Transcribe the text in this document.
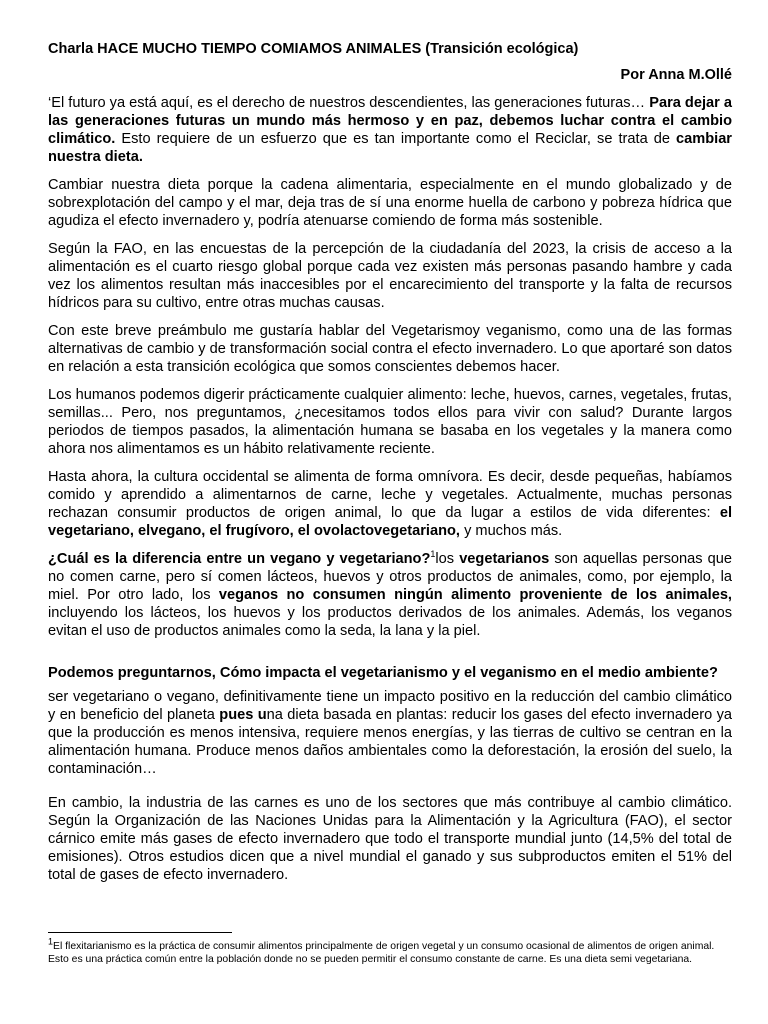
Charla HACE MUCHO TIEMPO COMIAMOS ANIMALES (Transición ecológica)
Por Anna M.Ollé

‘El futuro ya está aquí, es el derecho de nuestros descendientes, las generaciones futuras… Para dejar a las generaciones futuras un mundo más hermoso y en paz, debemos luchar contra el cambio climático. Esto requiere de un esfuerzo que es tan importante como el Reciclar, se trata de cambiar nuestra dieta.

Cambiar nuestra dieta porque la cadena alimentaria, especialmente en el mundo globalizado y de sobrexplotación del campo y el mar, deja tras de sí una enorme huella de carbono y pobreza hídrica que agudiza el efecto invernadero y, podría atenuarse comiendo de forma más sostenible.

Según la FAO, en las encuestas de la percepción de la ciudadanía del 2023, la crisis de acceso a la alimentación es el cuarto riesgo global porque cada vez existen más personas pasando hambre y cada vez los alimentos resultan más inaccesibles por el encarecimiento del transporte y la falta de recursos hídricos para su cultivo, entre otras muchas causas.

Con este breve preámbulo me gustaría hablar del Vegetarismoy veganismo, como una de las formas alternativas de cambio y de transformación social contra el efecto invernadero. Lo que aportaré son datos en relación a esta transición ecológica que somos conscientes debemos hacer.

Los humanos podemos digerir prácticamente cualquier alimento: leche, huevos, carnes, vegetales, frutas, semillas... Pero, nos preguntamos, ¿necesitamos todos ellos para vivir con salud? Durante largos periodos de tiempos pasados, la alimentación humana se basaba en los vegetales y la manera como ahora nos alimentamos es un hábito relativamente reciente.

Hasta ahora, la cultura occidental se alimenta de forma omnívora. Es decir, desde pequeñas, habíamos comido y aprendido a alimentarnos de carne, leche y vegetales. Actualmente, muchas personas rechazan consumir productos de origen animal, lo que da lugar a estilos de vida diferentes: el vegetariano, elvegano, el frugívoro, el ovolactovegetariano, y muchos más.

¿Cuál es la diferencia entre un vegano y vegetariano?$^1$los vegetarianos son aquellas personas que no comen carne, pero sí comen lácteos, huevos y otros productos de animales, como, por ejemplo, la miel. Por otro lado, los veganos no consumen ningún alimento proveniente de los animales, incluyendo los lácteos, los huevos y los productos derivados de los animales. Además, los veganos evitan el uso de productos animales como la seda, la lana y la piel.

Podemos preguntarnos, Cómo impacta el vegetarianismo y el veganismo en el medio ambiente?

ser vegetariano o vegano, definitivamente tiene un impacto positivo en la reducción del cambio climático y en beneficio del planeta pues una dieta basada en plantas: reducir los gases del efecto invernadero ya que la producción es menos intensiva, requiere menos energías, y las tierras de cultivo se centran en la alimentación humana. Produce menos daños ambientales como la deforestación, la erosión del suelo, la contaminación…

En cambio, la industria de las carnes es uno de los sectores que más contribuye al cambio climático. Según la Organización de las Naciones Unidas para la Alimentación y la Agricultura (FAO), el sector cárnico emite más gases de efecto invernadero que todo el transporte mundial junto (14,5% del total de emisiones). Otros estudios dicen que a nivel mundial el ganado y sus subproductos emiten el 51% del total de gases de efecto invernadero.

1El flexitarianismo es la práctica de consumir alimentos principalmente de origen vegetal y un consumo ocasional de alimentos de origen animal. Esto es una práctica común entre la población donde no se pueden permitir el consumo constante de carne. Es una dieta semi vegetariana.
